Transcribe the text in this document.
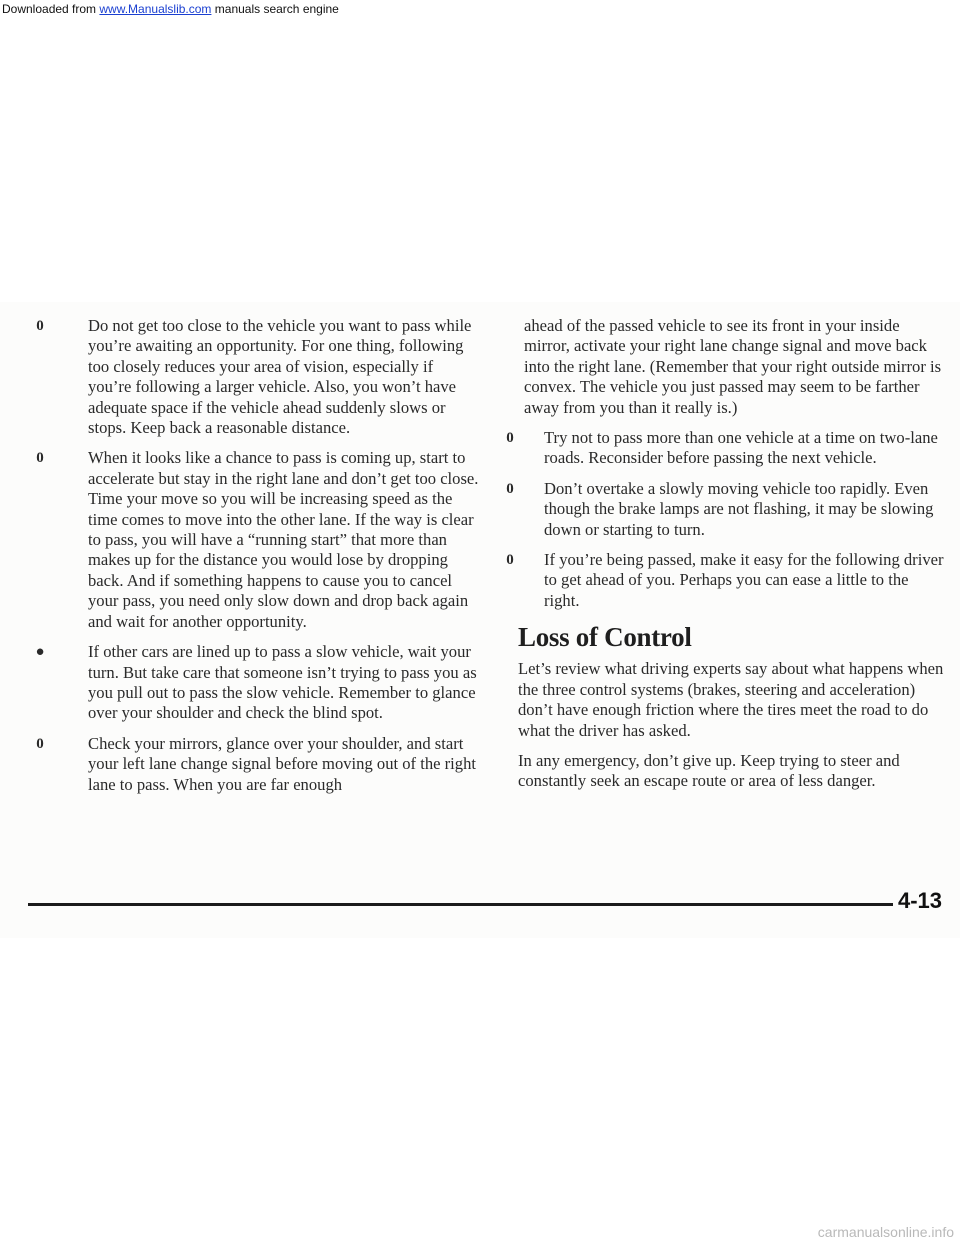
Downloaded from www.Manualslib.com manuals search engine
0	Do not get too close to the vehicle you want to pass while you’re awaiting an opportunity. For one thing, following too closely reduces your area of vision, especially if you’re following a larger vehicle. Also, you won’t have adequate space if the vehicle ahead suddenly slows or stops. Keep back a reasonable distance.
0	When it looks like a chance to pass is coming up, start to accelerate but stay in the right lane and don’t get too close. Time your move so you will be increasing speed as the time comes to move into the other lane. If the way is clear to pass, you will have a “running start” that more than makes up for the distance you would lose by dropping back. And if something happens to cause you to cancel your pass, you need only slow down and drop back again and wait for another opportunity.
●	If other cars are lined up to pass a slow vehicle, wait your turn. But take care that someone isn’t trying to pass you as you pull out to pass the slow vehicle. Remember to glance over your shoulder and check the blind spot.
0	Check your mirrors, glance over your shoulder, and start your left lane change signal before moving out of the right lane to pass. When you are far enough
ahead of the passed vehicle to see its front in your inside mirror, activate your right lane change signal and move back into the right lane. (Remember that your right outside mirror is convex. The vehicle you just passed may seem to be farther away from you than it really is.)
0	Try not to pass more than one vehicle at a time on two-lane roads. Reconsider before passing the next vehicle.
0	Don’t overtake a slowly moving vehicle too rapidly. Even though the brake lamps are not flashing, it may be slowing down or starting to turn.
0	If you’re being passed, make it easy for the following driver to get ahead of you. Perhaps you can ease a little to the right.
Loss of Control

Let’s review what driving experts say about what happens when the three control systems (brakes, steering and acceleration) don’t have enough friction where the tires meet the road to do what the driver has asked.

In any emergency, don’t give up. Keep trying to steer and constantly seek an escape route or area of less danger.

4-13
carmanualsonline.info
